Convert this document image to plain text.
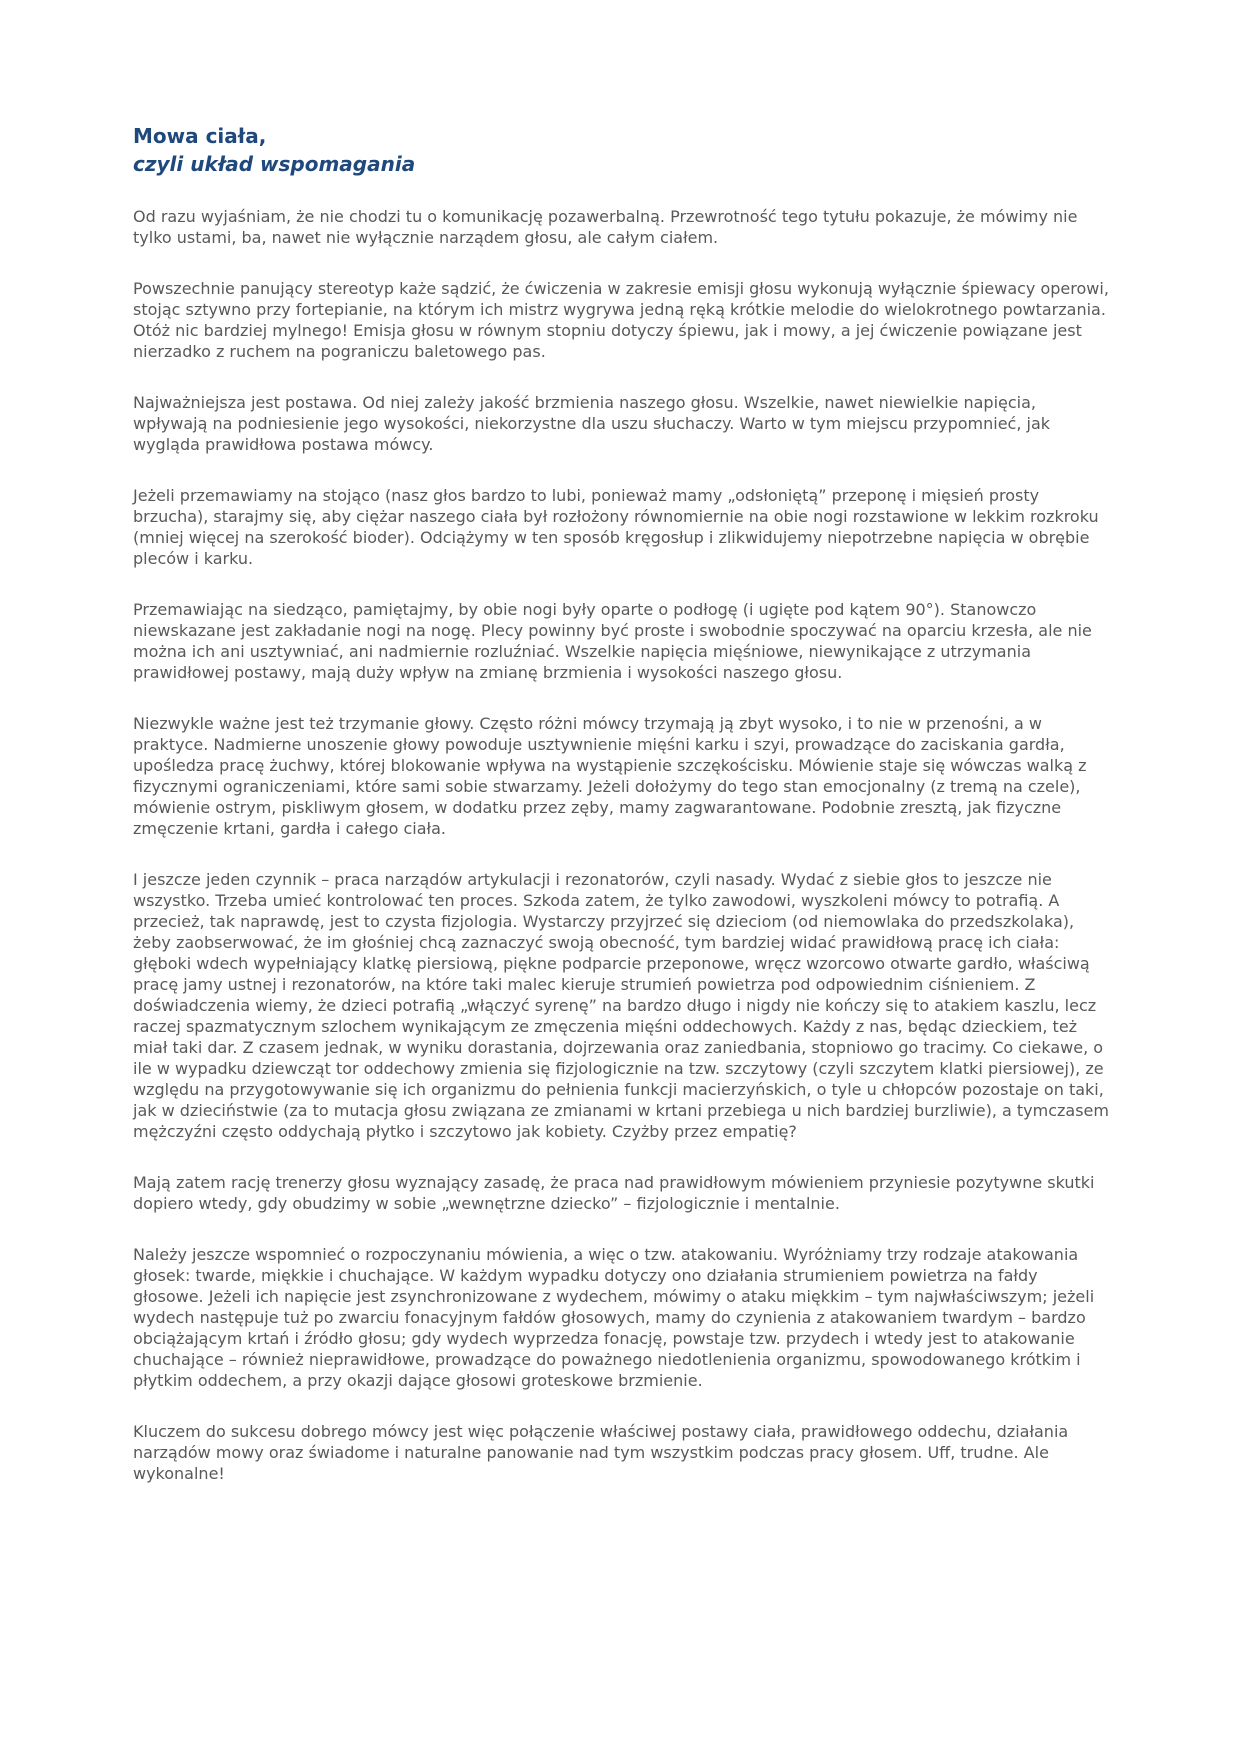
Mowa ciała,
czyli układ wspomagania

Od razu wyjaśniam, że nie chodzi tu o komunikację pozawerbalną. Przewrotność tego tytułu pokazuje, że mówimy nie tylko ustami, ba, nawet nie wyłącznie narządem głosu, ale całym ciałem.

Powszechnie panujący stereotyp każe sądzić, że ćwiczenia w zakresie emisji głosu wykonują wyłącznie śpiewacy operowi, stojąc sztywno przy fortepianie, na którym ich mistrz wygrywa jedną ręką krótkie melodie do wielokrotnego powtarzania. Otóż nic bardziej mylnego! Emisja głosu w równym stopniu dotyczy śpiewu, jak i mowy, a jej ćwiczenie powiązane jest nierzadko z ruchem na pograniczu baletowego pas.

Najważniejsza jest postawa. Od niej zależy jakość brzmienia naszego głosu. Wszelkie, nawet niewielkie napięcia, wpływają na podniesienie jego wysokości, niekorzystne dla uszu słuchaczy. Warto w tym miejscu przypomnieć, jak wygląda prawidłowa postawa mówcy.

Jeżeli przemawiamy na stojąco (nasz głos bardzo to lubi, ponieważ mamy „odsłoniętą” przeponę i mięsień prosty brzucha), starajmy się, aby ciężar naszego ciała był rozłożony równomiernie na obie nogi rozstawione w lekkim rozkroku (mniej więcej na szerokość bioder). Odciążymy w ten sposób kręgosłup i zlikwidujemy niepotrzebne napięcia w obrębie pleców i karku.

Przemawiając na siedząco, pamiętajmy, by obie nogi były oparte o podłogę (i ugięte pod kątem 90°). Stanowczo niewskazane jest zakładanie nogi na nogę. Plecy powinny być proste i swobodnie spoczywać na oparciu krzesła, ale nie można ich ani usztywniać, ani nadmiernie rozluźniać. Wszelkie napięcia mięśniowe, niewynikające z utrzymania prawidłowej postawy, mają duży wpływ na zmianę brzmienia i wysokości naszego głosu.

Niezwykle ważne jest też trzymanie głowy. Często różni mówcy trzymają ją zbyt wysoko, i to nie w przenośni, a w praktyce. Nadmierne unoszenie głowy powoduje usztywnienie mięśni karku i szyi, prowadzące do zaciskania gardła, upośledza pracę żuchwy, której blokowanie wpływa na wystąpienie szczękościsku. Mówienie staje się wówczas walką z fizycznymi ograniczeniami, które sami sobie stwarzamy. Jeżeli dołożymy do tego stan emocjonalny (z tremą na czele), mówienie ostrym, piskliwym głosem, w dodatku przez zęby, mamy zagwarantowane. Podobnie zresztą, jak fizyczne zmęczenie krtani, gardła i całego ciała.

I jeszcze jeden czynnik – praca narządów artykulacji i rezonatorów, czyli nasady. Wydać z siebie głos to jeszcze nie wszystko. Trzeba umieć kontrolować ten proces. Szkoda zatem, że tylko zawodowi, wyszkoleni mówcy to potrafią. A przecież, tak naprawdę, jest to czysta fizjologia. Wystarczy przyjrzeć się dzieciom (od niemowlaka do przedszkolaka), żeby zaobserwować, że im głośniej chcą zaznaczyć swoją obecność, tym bardziej widać prawidłową pracę ich ciała: głęboki wdech wypełniający klatkę piersiową, piękne podparcie przeponowe, wręcz wzorcowo otwarte gardło, właściwą pracę jamy ustnej i rezonatorów, na które taki malec kieruje strumień powietrza pod odpowiednim ciśnieniem. Z doświadczenia wiemy, że dzieci potrafią „włączyć syrenę” na bardzo długo i nigdy nie kończy się to atakiem kaszlu, lecz raczej spazmatycznym szlochem wynikającym ze zmęczenia mięśni oddechowych. Każdy z nas, będąc dzieckiem, też miał taki dar. Z czasem jednak, w wyniku dorastania, dojrzewania oraz zaniedbania, stopniowo go tracimy. Co ciekawe, o ile w wypadku dziewcząt tor oddechowy zmienia się fizjologicznie na tzw. szczytowy (czyli szczytem klatki piersiowej), ze względu na przygotowywanie się ich organizmu do pełnienia funkcji macierzyńskich, o tyle u chłopców pozostaje on taki, jak w dzieciństwie (za to mutacja głosu związana ze zmianami w krtani przebiega u nich bardziej burzliwie), a tymczasem mężczyźni często oddychają płytko i szczytowo jak kobiety. Czyżby przez empatię?

Mają zatem rację trenerzy głosu wyznający zasadę, że praca nad prawidłowym mówieniem przyniesie pozytywne skutki dopiero wtedy, gdy obudzimy w sobie „wewnętrzne dziecko” – fizjologicznie i mentalnie.

Należy jeszcze wspomnieć o rozpoczynaniu mówienia, a więc o tzw. atakowaniu. Wyróżniamy trzy rodzaje atakowania głosek: twarde, miękkie i chuchające. W każdym wypadku dotyczy ono działania strumieniem powietrza na fałdy głosowe. Jeżeli ich napięcie jest zsynchronizowane z wydechem, mówimy o ataku miękkim – tym najwłaściwszym; jeżeli wydech następuje tuż po zwarciu fonacyjnym fałdów głosowych, mamy do czynienia z atakowaniem twardym – bardzo obciążającym krtań i źródło głosu; gdy wydech wyprzedza fonację, powstaje tzw. przydech i wtedy jest to atakowanie chuchające – również nieprawidłowe, prowadzące do poważnego niedotlenienia organizmu, spowodowanego krótkim i płytkim oddechem, a przy okazji dające głosowi groteskowe brzmienie.

Kluczem do sukcesu dobrego mówcy jest więc połączenie właściwej postawy ciała, prawidłowego oddechu, działania narządów mowy oraz świadome i naturalne panowanie nad tym wszystkim podczas pracy głosem. Uff, trudne. Ale wykonalne!
